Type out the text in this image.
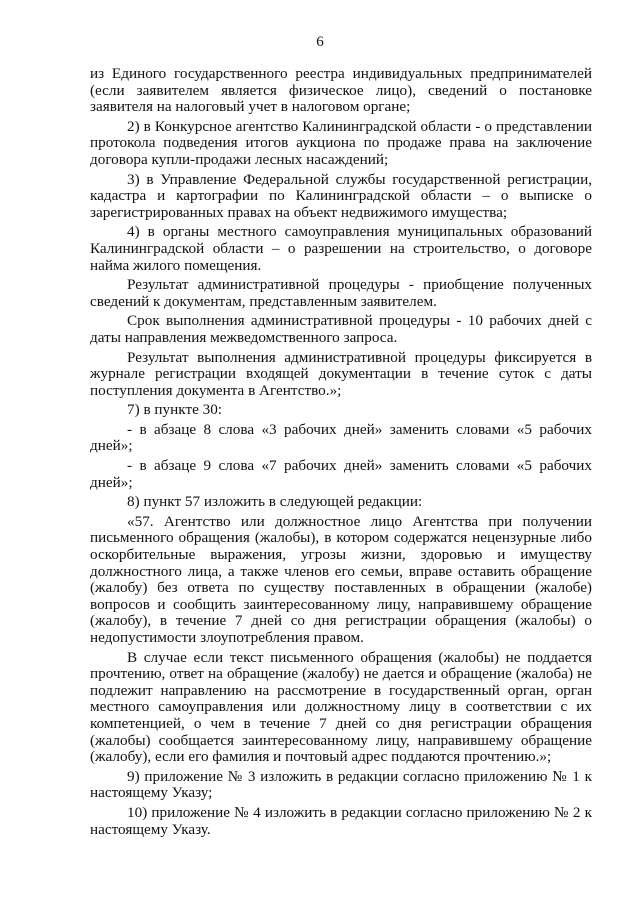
6

из Единого государственного реестра индивидуальных предпринимателей (если заявителем является физическое лицо), сведений о постановке заявителя на налоговый учет в налоговом органе;

2) в Конкурсное агентство Калининградской области - о представлении протокола подведения итогов аукциона по продаже права на заключение договора купли-продажи лесных насаждений;

3) в Управление Федеральной службы государственной регистрации, кадастра и картографии по Калининградской области – о выписке о зарегистрированных правах на объект недвижимого имущества;

4) в органы местного самоуправления муниципальных образований Калининградской области – о разрешении на строительство, о договоре найма жилого помещения.

Результат административной процедуры - приобщение полученных сведений к документам, представленным заявителем.

Срок выполнения административной процедуры - 10 рабочих дней с даты направления межведомственного запроса.

Результат выполнения административной процедуры фиксируется в журнале регистрации входящей документации в течение суток с даты поступления документа в Агентство.»;

7) в пункте 30:

- в абзаце 8 слова «3 рабочих дней» заменить словами «5 рабочих дней»;

- в абзаце 9 слова «7 рабочих дней» заменить словами «5 рабочих дней»;

8) пункт 57 изложить в следующей редакции:

«57. Агентство или должностное лицо Агентства при получении письменного обращения (жалобы), в котором содержатся нецензурные либо оскорбительные выражения, угрозы жизни, здоровью и имуществу должностного лица, а также членов его семьи, вправе оставить обращение (жалобу) без ответа по существу поставленных в обращении (жалобе) вопросов и сообщить заинтересованному лицу, направившему обращение (жалобу), в течение 7 дней со дня регистрации обращения (жалобы) о недопустимости злоупотребления правом.

В случае если текст письменного обращения (жалобы) не поддается прочтению, ответ на обращение (жалобу) не дается и обращение (жалоба) не подлежит направлению на рассмотрение в государственный орган, орган местного самоуправления или должностному лицу в соответствии с их компетенцией, о чем в течение 7 дней со дня регистрации обращения (жалобы) сообщается заинтересованному лицу, направившему обращение (жалобу), если его фамилия и почтовый адрес поддаются прочтению.»;

9) приложение № 3 изложить в редакции согласно приложению № 1 к настоящему Указу;

10) приложение № 4 изложить в редакции согласно приложению № 2 к настоящему Указу.
